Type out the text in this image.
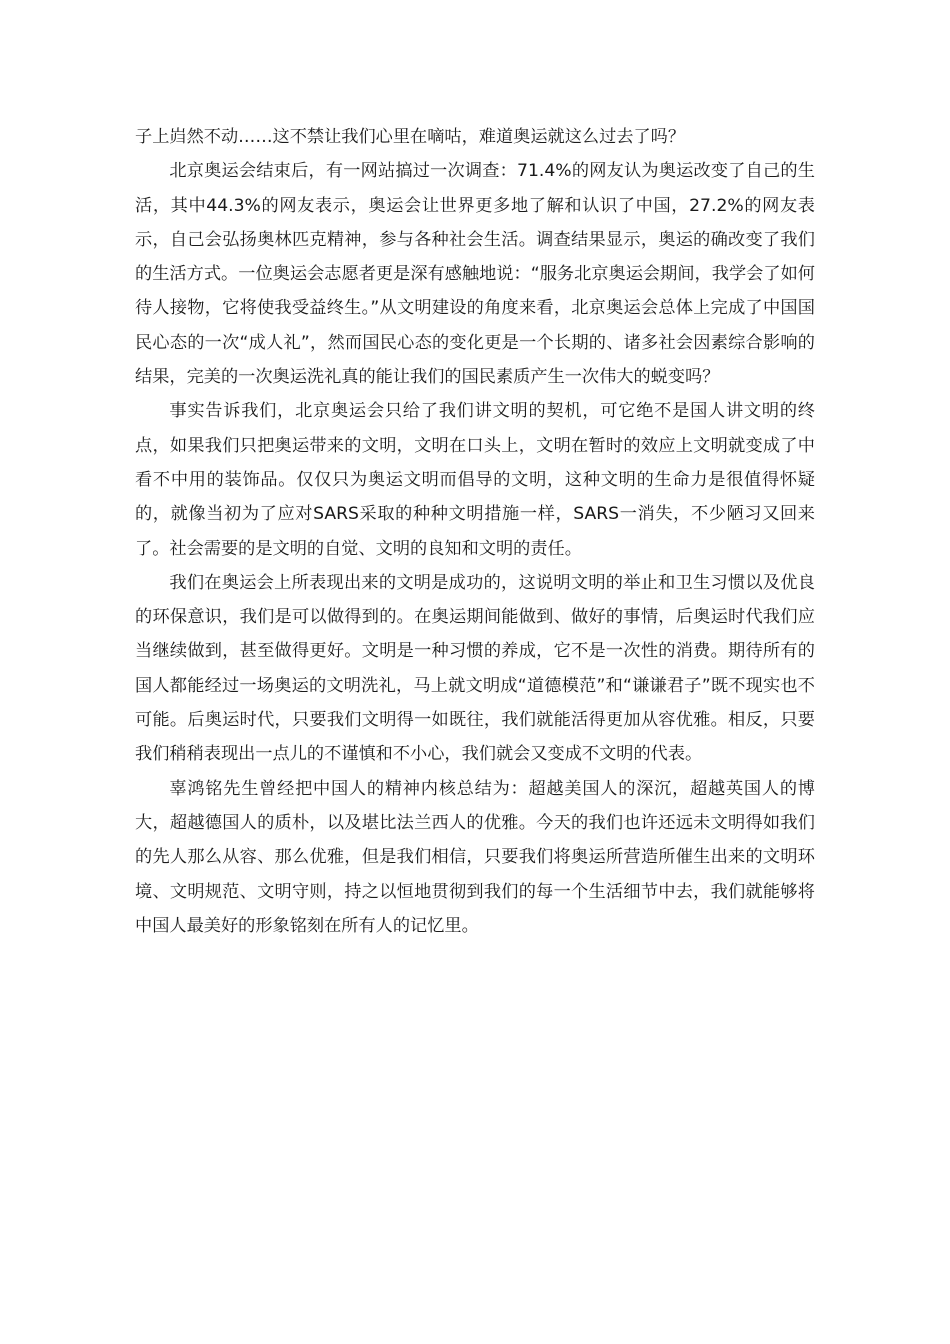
子上岿然不动……这不禁让我们心里在嘀咕，难道奥运就这么过去了吗？

北京奥运会结束后，有一网站搞过一次调查：71.4%的网友认为奥运改变了自己的生活，其中44.3%的网友表示，奥运会让世界更多地了解和认识了中国，27.2%的网友表示，自己会弘扬奥林匹克精神，参与各种社会生活。调查结果显示，奥运的确改变了我们的生活方式。一位奥运会志愿者更是深有感触地说：“服务北京奥运会期间，我学会了如何待人接物，它将使我受益终生。”从文明建设的角度来看，北京奥运会总体上完成了中国国民心态的一次“成人礼”，然而国民心态的变化更是一个长期的、诸多社会因素综合影响的结果，完美的一次奥运洗礼真的能让我们的国民素质产生一次伟大的蜕变吗？

事实告诉我们，北京奥运会只给了我们讲文明的契机，可它绝不是国人讲文明的终点，如果我们只把奥运带来的文明，文明在口头上，文明在暂时的效应上文明就变成了中看不中用的装饰品。仅仅只为奥运文明而倡导的文明，这种文明的生命力是很值得怀疑的，就像当初为了应对SARS采取的种种文明措施一样，SARS一消失，不少陋习又回来了。社会需要的是文明的自觉、文明的良知和文明的责任。

我们在奥运会上所表现出来的文明是成功的，这说明文明的举止和卫生习惯以及优良的环保意识，我们是可以做得到的。在奥运期间能做到、做好的事情，后奥运时代我们应当继续做到，甚至做得更好。文明是一种习惯的养成，它不是一次性的消费。期待所有的国人都能经过一场奥运的文明洗礼，马上就文明成“道德模范”和“谦谦君子”既不现实也不可能。后奥运时代，只要我们文明得一如既往，我们就能活得更加从容优雅。相反，只要我们稍稍表现出一点儿的不谨慎和不小心，我们就会又变成不文明的代表。

辜鸿铭先生曾经把中国人的精神内核总结为：超越美国人的深沉，超越英国人的博大，超越德国人的质朴，以及堪比法兰西人的优雅。今天的我们也许还远未文明得如我们的先人那么从容、那么优雅，但是我们相信，只要我们将奥运所营造所催生出来的文明环境、文明规范、文明守则，持之以恒地贯彻到我们的每一个生活细节中去，我们就能够将中国人最美好的形象铭刻在所有人的记忆里。
